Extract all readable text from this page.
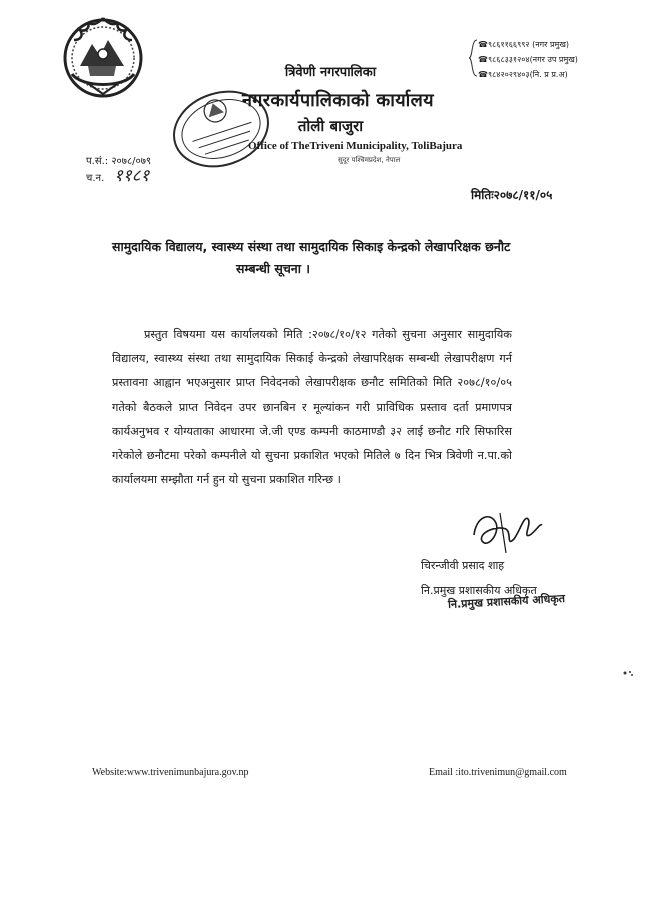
त्रिवेणी नगरपालिका
नगरकार्यपालिकाको कार्यालय
तोली बाजुरा
Office of TheTriveni Municipality, ToliBajura
सुदूर पश्चिमप्रदेश, नेपाल
☎९८६११६६९९२ (नगर प्रमुख)
☎९८६८३३१२०४(नगर उप प्रमुख)
☎९८४२०२९४०३(नि. प्र प्र.अ)
प.सं.: २०७८/०७९
च.न. ११८१
मितिः२०७८/११/०५
सामुदायिक विद्यालय, स्वास्थ्य संस्था तथा सामुदायिक सिकाइ केन्द्रको लेखापरिक्षक छनौट
सम्बन्धी सूचना ।
प्रस्तुत विषयमा यस कार्यालयको मिति :२०७८/१०/१२ गतेको सुचना अनुसार सामुदायिक विद्यालय, स्वास्थ्य संस्था तथा सामुदायिक सिकाई केन्द्रको लेखापरिक्षक सम्बन्धी लेखापरीक्षण गर्न प्रस्तावना आह्वान भएअनुसार प्राप्त निवेदनको लेखापरीक्षक छनौट समितिको मिति २०७८/१०/०५ गतेको बैठकले प्राप्त निवेदन उपर छानबिन र मूल्यांकन गरी प्राविधिक प्रस्ताव दर्ता प्रमाणपत्र कार्यअनुभव र योग्यताका आधारमा जे.जी एण्ड कम्पनी काठमाण्डौ ३२ लाई छनौट गरि सिफारिस गरेकोले छनौटमा परेको कम्पनीले यो सुचना प्रकाशित भएको मितिले ७ दिन भित्र त्रिवेणी न.पा.को कार्यालयमा सम्झौता गर्न हुन यो सुचना प्रकाशित गरिन्छ ।
चिरन्जीवी प्रसाद शाह
नि.प्रमुख प्रशासकीय अधिकृत
नि.प्रमुख प्रशासकीय अधिकृत
Website:www.trivenimunbajura.gov.np	Email :ito.trivenimun@gmail.com
